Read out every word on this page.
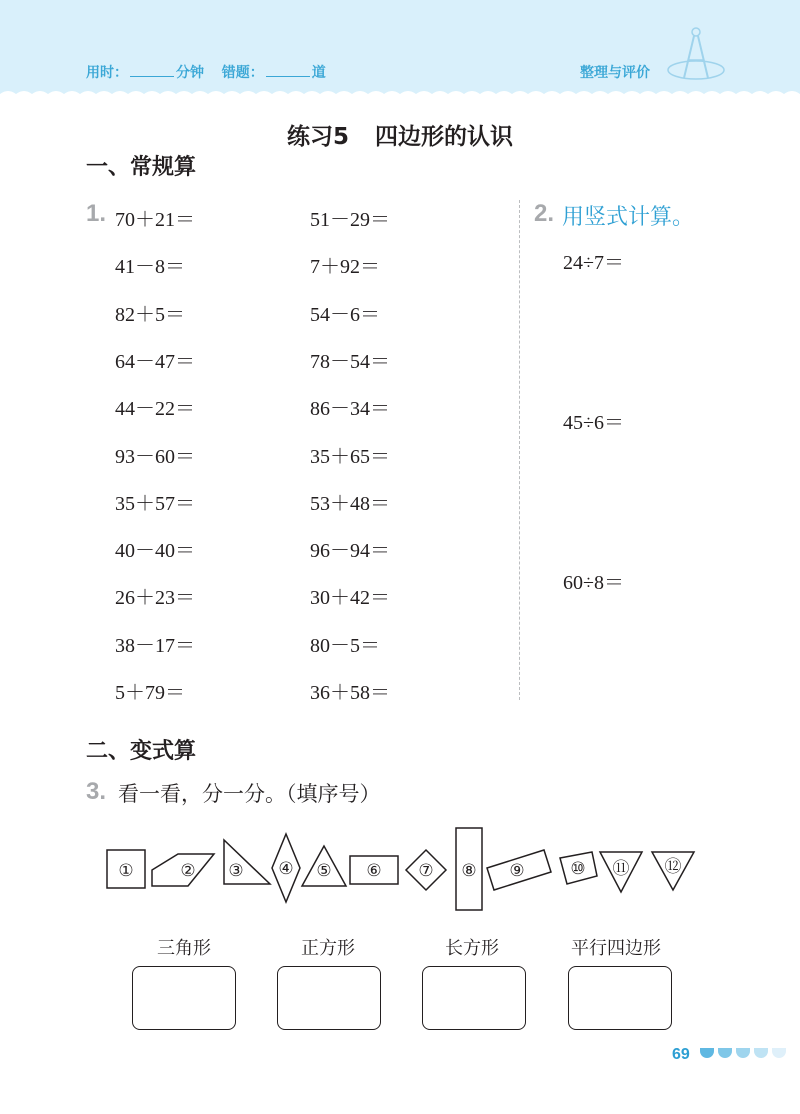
用时：	分钟 错题：	道	整理与评价
练习5 四边形的认识
一、常规算
1. 70＋21＝
41－8＝
82＋5＝
64－47＝
44－22＝
93－60＝
35＋57＝
40－40＝
26＋23＝
38－17＝
5＋79＝
51－29＝
7＋92＝
54－6＝
78－54＝
86－34＝
35＋65＝
53＋48＝
96－94＝
30＋42＝
80－5＝
36＋58＝
2. 用竖式计算。
24÷7＝
45÷6＝
60÷8＝
二、变式算
3. 看一看，分一分。（填序号）
①	② ③ ④ ⑤ ⑥ ⑦ ⑧ ⑨	⑩ ⑪ ⑫
三角形	正方形	长方形	平行四边形
69
